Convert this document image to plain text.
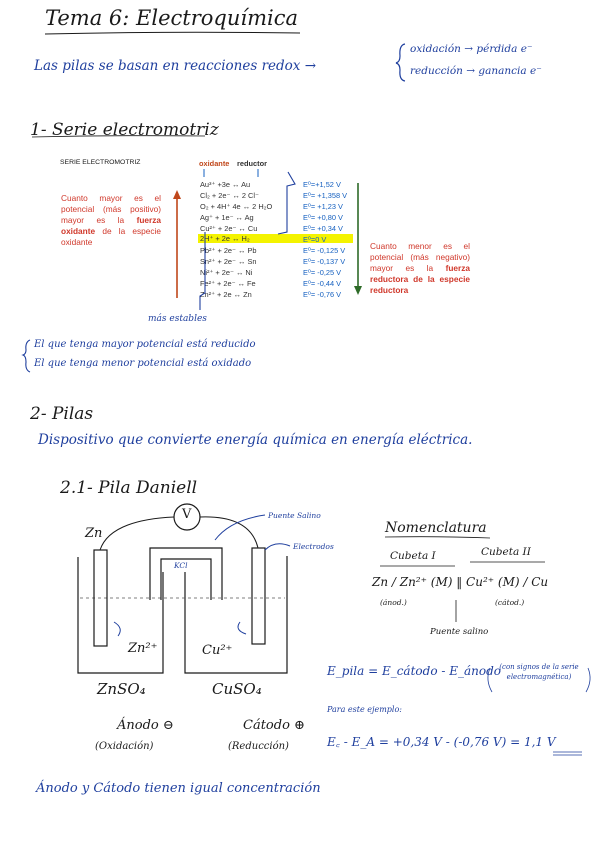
Tema 6: Electroquímica
Las pilas se basan en reacciones redox →
oxidación → pérdida e⁻
reducción → ganancia e⁻
1- Serie electromotriz
SERIE ELECTROMOTRIZ	oxidante reductor
Cuanto mayor es el potencial (más positivo) mayor es la fuerza oxidante de la especie oxidante	Cuanto menor es el potencial (más negativo) mayor es la fuerza reductora de la especie reductora
Au³⁺ +3e ↔ Au	E⁰=+1,52 V
Cl₂ + 2e⁻ ↔ 2 Cl⁻	E⁰= +1,358 V
O₂ + 4H⁺ 4e ↔ 2 H₂O	E⁰= +1,23 V
Ag⁺ + 1e⁻ ↔ Ag	E⁰= +0,80 V
Cu²⁺ + 2e⁻ ↔ Cu	E⁰= +0,34 V
2H⁺ + 2e ↔ H₂	E⁰=0 V
Pb²⁺ + 2e⁻ ↔ Pb	E⁰= -0,125 V
Sn²⁺ + 2e⁻ ↔ Sn	E⁰= -0,137 V
Ni²⁺ + 2e⁻ ↔ Ni	E⁰= -0,25 V
Fe²⁺ + 2e⁻ ↔ Fe	E⁰= -0,44 V
Zn²⁺ + 2e ↔ Zn	E⁰= -0,76 V
más estables
El que tenga mayor potencial está reducido
El que tenga menor potencial está oxidado
2- Pilas
Dispositivo que convierte energía química en energía eléctrica.
2.1- Pila Daniell
Zn
Puente Salino
Electrodos
KCl
V
Zn²⁺	Cu²⁺
ZnSO₄	CuSO₄
Ánodo ⊖
(Oxidación)
Cátodo ⊕
(Reducción)
Nomenclatura
Cubeta I	Cubeta II
Zn / Zn²⁺ (M) ‖ Cu²⁺ (M) / Cu
(ánod.)	(cátod.)
Puente salino
E_pila = E_cátodo - E_ánodo
(con signos de la serie electromagnética)
Para este ejemplo:
E꜀ - E_A = +0,34 V - (-0,76 V) = 1,1 V
Ánodo y Cátodo tienen igual concentración
